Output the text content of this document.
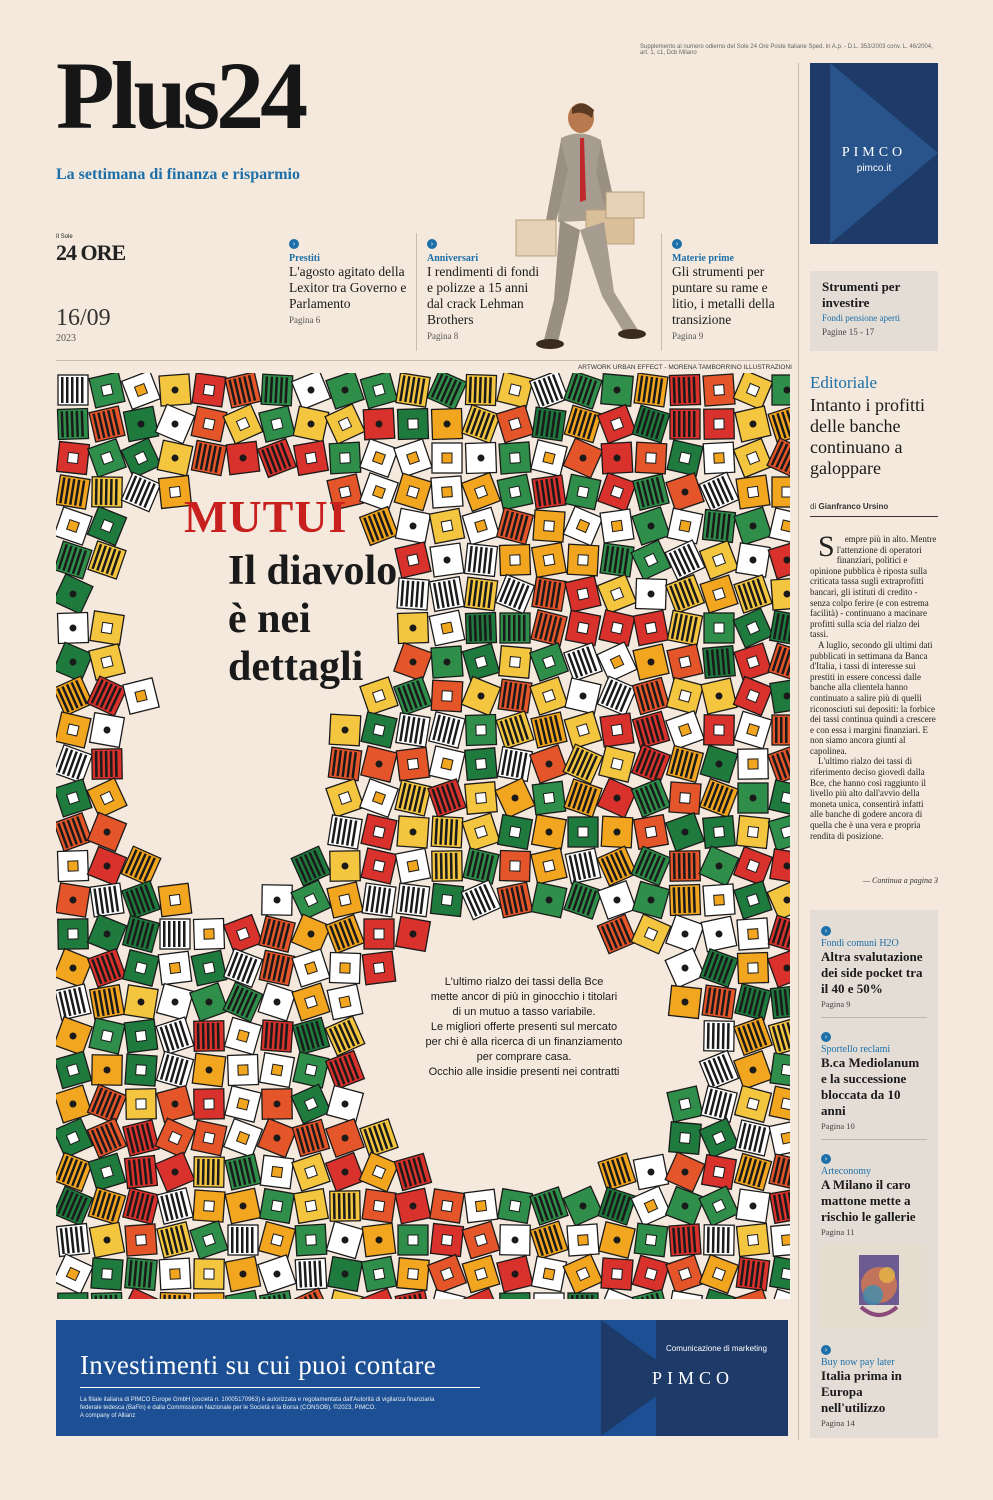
Plus24
La settimana di finanza e risparmio
Supplemento al numero odierno del Sole 24 Ore Poste Italiane Sped. in A.p. - D.L. 353/2003 conv. L. 46/2004, art. 1, c1, Dcb Milano
Il Sole
24 ORE
16/09
2023
›
Prestiti
L'agosto agitato della Lexitor tra Governo e Parlamento
Pagina 6
›
Anniversari
I rendimenti di fondi e polizze a 15 anni dal crack Lehman Brothers
Pagina 8
›
Materie prime
Gli strumenti per puntare su rame e litio, i metalli della transizione
Pagina 9
ARTWORK URBAN EFFECT - MORENA TAMBORRINO ILLUSTRAZIONI
MUTUI
Il diavolo
è nei
dettagli
L'ultimo rialzo dei tassi della Bce
mette ancor di più in ginocchio i titolari
di un mutuo a tasso variabile.
Le migliori offerte presenti sul mercato
per chi è alla ricerca di un finanziamento
per comprare casa.
Occhio alle insidie presenti nei contratti
PIMCO
pimco.it
Strumenti per investire
Fondi pensione aperti
Pagine 15 - 17
Editoriale
Intanto i profitti delle banche continuano a galoppare
di Gianfranco Ursino

Sempre più in alto. Mentre l'attenzione di operatori finanziari, politici e opinione pubblica è riposta sulla criticata tassa sugli extraprofitti bancari, gli istituti di credito - senza colpo ferire (e con estrema facilità) - continuano a macinare profitti sulla scia del rialzo dei tassi.

A luglio, secondo gli ultimi dati pubblicati in settimana da Banca d'Italia, i tassi di interesse sui prestiti in essere concessi dalle banche alla clientela hanno continuato a salire più di quelli riconosciuti sui depositi: la forbice dei tassi continua quindi a crescere e con essa i margini finanziari. E non siamo ancora giunti al capolinea.

L'ultimo rialzo dei tassi di riferimento deciso giovedì dalla Bce, che hanno così raggiunto il livello più alto dall'avvio della moneta unica, consentirà infatti alle banche di godere ancora di quella che è una vera e propria rendita di posizione.

— Continua a pagina 3
›
Fondi comuni H2O
Altra svalutazione dei side pocket tra il 40 e 50%
Pagina 9
›
Sportello reclami
B.ca Mediolanum e la successione bloccata da 10 anni
Pagina 10
›
Arteconomy
A Milano il caro mattone mette a rischio le gallerie
Pagina 11
›
Buy now pay later
Italia prima in Europa nell'utilizzo
Pagina 14
Investimenti su cui puoi contare
La filiale italiana di PIMCO Europe GmbH (società n. 10005170963) è autorizzata e regolamentata dall'Autorità di vigilanza finanziaria federale tedesca (BaFin) e dalla Commissione Nazionale per le Società e la Borsa (CONSOB). ©2023, PIMCO.
A company of Allianz
Comunicazione di marketing
PIMCO
